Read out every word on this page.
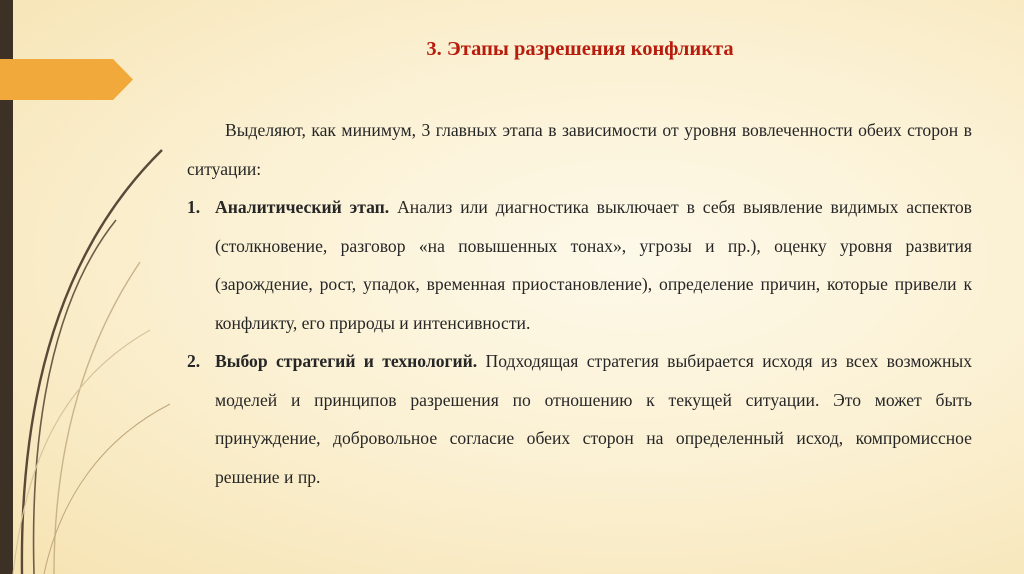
3. Этапы разрешения конфликта

Выделяют, как минимум, 3 главных этапа в зависимости от уровня вовлеченности обеих сторон в ситуации:

1. Аналитический этап. Анализ или диагностика выключает в себя выявление видимых аспектов (столкновение, разговор «на повышенных тонах», угрозы и пр.), оценку уровня развития (зарождение, рост, упадок, временная приостановление), определение причин, которые привели к конфликту, его природы и интенсивности.
2. Выбор стратегий и технологий. Подходящая стратегия выбирается исходя из всех возможных моделей и принципов разрешения по отношению к текущей ситуации. Это может быть принуждение, добровольное согласие обеих сторон на определенный исход, компромиссное решение и пр.
